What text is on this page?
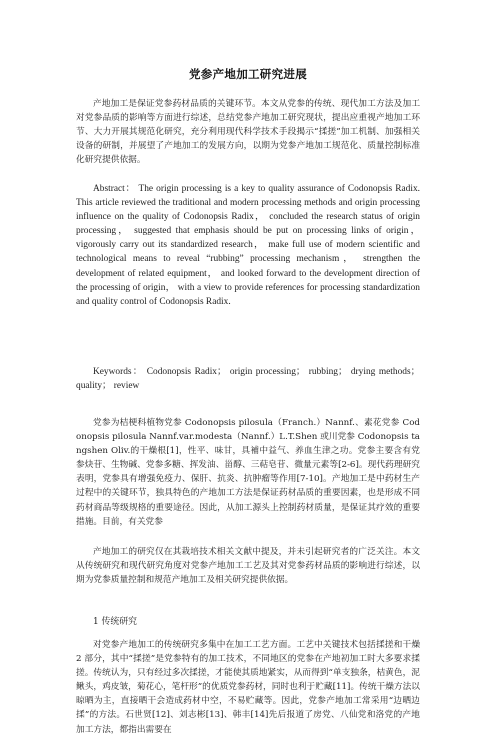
党参产地加工研究进展
产地加工是保证党参药材品质的关键环节。本文从党参的传统、现代加工方法及加工对党参品质的影响等方面进行综述，总结党参产地加工研究现状，提出应重视产地加工环节、大力开展其规范化研究，充分利用现代科学技术手段揭示“揉搓”加工机制、加强相关设备的研制，并展望了产地加工的发展方向，以期为党参产地加工规范化、质量控制标准化研究提供依据。
Abstract： The origin processing is a key to quality assurance of Codonopsis Radix. This article reviewed the traditional and modern processing methods and origin processing influence on the quality of Codonopsis Radix， concluded the research status of origin processing， suggested that emphasis should be put on processing links of origin， vigorously carry out its standardized research， make full use of modern scientific and technological means to reveal “rubbing” processing mechanism， strengthen the development of related equipment， and looked forward to the development direction of the processing of origin， with a view to provide references for processing standardization and quality control of Codonopsis Radix.
Keywords： Codonopsis Radix； origin processing； rubbing； drying methods； quality； review
党参为桔梗科植物党参 Codonopsis pilosula（Franch.）Nannf.、素花党参 Codonopsis pilosula Nannf.var.modesta（Nannf.）L.T.Shen 或川党参 Codonopsis tangshen Oliv.的干燥根[1]，性平、味甘，具補中益气、养血生津之功。党参主要含有党参炔苷、生物碱、党参多糖、挥发油、甾醇、三萜皂苷、微量元素等[2-6]。现代药理研究表明，党参具有增强免疫力、保肝、抗炎、抗肿瘤等作用[7-10]。产地加工是中药材生产过程中的关键环节，独具特色的产地加工方法是保证药材品质的重要因素，也是形成不同药材商品等级规格的重要途径。因此，从加工源头上控制药材质量，是保证其疗效的重要措施。目前，有关党参
产地加工的研究仅在其栽培技术相关文献中提及，并未引起研究者的广泛关注。本文从传统研究和现代研究角度对党参产地加工工艺及其对党参药材品质的影响进行综述，以期为党参质量控制和规范产地加工及相关研究提供依据。
1 传统研究
对党参产地加工的传统研究多集中在加工工艺方面。工艺中关键技术包括揉搓和干燥 2 部分，其中“揉搓”是党参特有的加工技术，不同地区的党参在产地初加工时大多要求揉搓。传统认为，只有经过多次揉搓，才能使其质地紧实，从而得到“单支独条，桔黄色，泥鳅头，鸡皮皱，菊花心，笔杆形”的优质党参药材，同时也利于贮藏[11]。传统干燥方法以晾晒为主，直接晒干会造成药材中空，不易贮藏等。因此，党参产地加工常采用“边晒边揉”的方法。石世贤[12]、刘志彬[13]、韩丰[14]先后报道了房党、八仙党和洛党的产地加工方法，都指出需要在
